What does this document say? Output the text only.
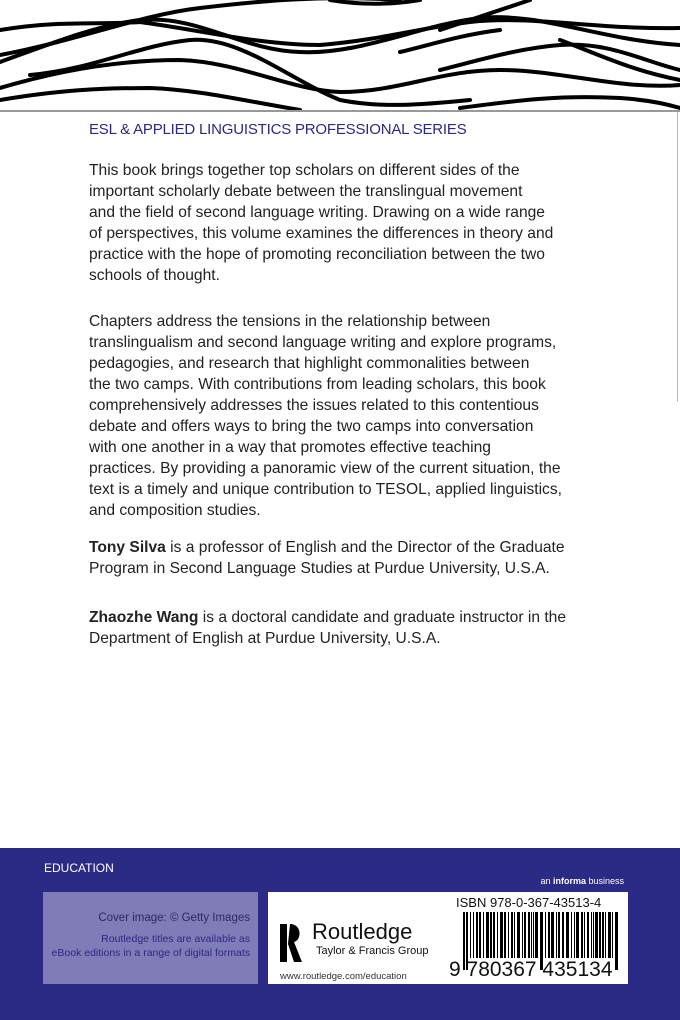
ESL & APPLIED LINGUISTICS PROFESSIONAL SERIES
This book brings together top scholars on different sides of the
important scholarly debate between the translingual movement
and the field of second language writing. Drawing on a wide range
of perspectives, this volume examines the differences in theory and
practice with the hope of promoting reconciliation between the two
schools of thought.
Chapters address the tensions in the relationship between
translingualism and second language writing and explore programs,
pedagogies, and research that highlight commonalities between
the two camps. With contributions from leading scholars, this book
comprehensively addresses the issues related to this contentious
debate and offers ways to bring the two camps into conversation
with one another in a way that promotes effective teaching
practices. By providing a panoramic view of the current situation, the
text is a timely and unique contribution to TESOL, applied linguistics,
and composition studies.
Tony Silva is a professor of English and the Director of the Graduate
Program in Second Language Studies at Purdue University, U.S.A.
Zhaozhe Wang is a doctoral candidate and graduate instructor in the
Department of English at Purdue University, U.S.A.
EDUCATION
an informa business
Cover image: © Getty Images
Routledge titles are available as
eBook editions in a range of digital formats
Routledge
Taylor & Francis Group
www.routledge.com/education
ISBN 978-0-367-43513-4
9 780367 435134
